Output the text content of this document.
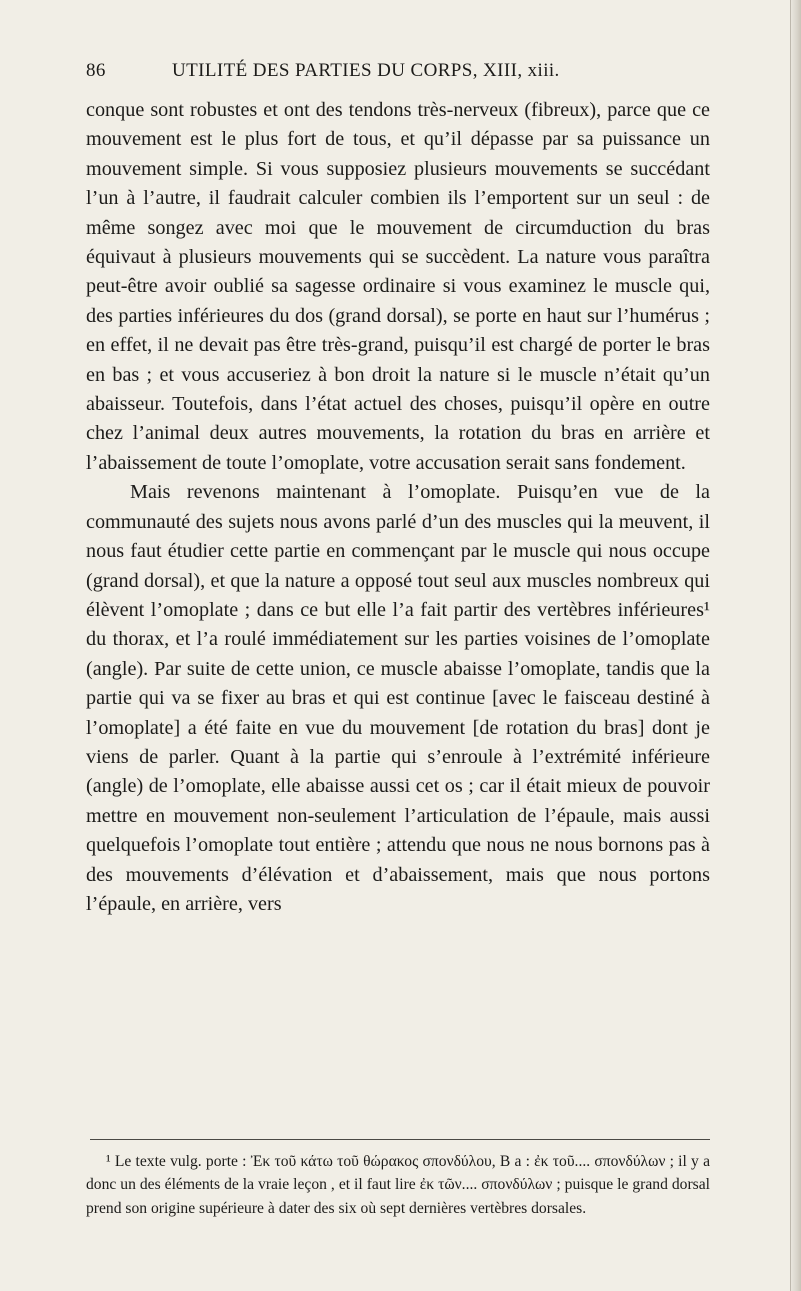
86	UTILITÉ DES PARTIES DU CORPS, XIII, xiii.

conque sont robustes et ont des tendons très-nerveux (fibreux), parce que ce mouvement est le plus fort de tous, et qu’il dépasse par sa puissance un mouvement simple. Si vous supposiez plusieurs mouvements se succédant l’un à l’autre, il faudrait calculer combien ils l’emportent sur un seul : de même songez avec moi que le mouvement de circumduction du bras équivaut à plusieurs mouvements qui se succèdent. La nature vous paraîtra peut-être avoir oublié sa sagesse ordinaire si vous examinez le muscle qui, des parties inférieures du dos (grand dorsal), se porte en haut sur l’humérus ; en effet, il ne devait pas être très-grand, puisqu’il est chargé de porter le bras en bas ; et vous accuseriez à bon droit la nature si le muscle n’était qu’un abaisseur. Toutefois, dans l’état actuel des choses, puisqu’il opère en outre chez l’animal deux autres mouvements, la rotation du bras en arrière et l’abaissement de toute l’omoplate, votre accusation serait sans fondement.

Mais revenons maintenant à l’omoplate. Puisqu’en vue de la communauté des sujets nous avons parlé d’un des muscles qui la meuvent, il nous faut étudier cette partie en commençant par le muscle qui nous occupe (grand dorsal), et que la nature a opposé tout seul aux muscles nombreux qui élèvent l’omoplate ; dans ce but elle l’a fait partir des vertèbres inférieures¹ du thorax, et l’a roulé immédiatement sur les parties voisines de l’omoplate (angle). Par suite de cette union, ce muscle abaisse l’omoplate, tandis que la partie qui va se fixer au bras et qui est continue [avec le faisceau destiné à l’omoplate] a été faite en vue du mouvement [de rotation du bras] dont je viens de parler. Quant à la partie qui s’enroule à l’extrémité inférieure (angle) de l’omoplate, elle abaisse aussi cet os ; car il était mieux de pouvoir mettre en mouvement non-seulement l’articulation de l’épaule, mais aussi quelquefois l’omoplate tout entière ; attendu que nous ne nous bornons pas à des mouvements d’élévation et d’abaissement, mais que nous portons l’épaule, en arrière, vers

¹ Le texte vulg. porte : Ἐκ τοῦ κάτω τοῦ θώρακος σπονδύλου, B a : ἐκ τοῦ.... σπονδύλων ; il y a donc un des éléments de la vraie leçon , et il faut lire ἐκ τῶν.... σπονδύλων ; puisque le grand dorsal prend son origine supérieure à dater des six où sept dernières vertèbres dorsales.
